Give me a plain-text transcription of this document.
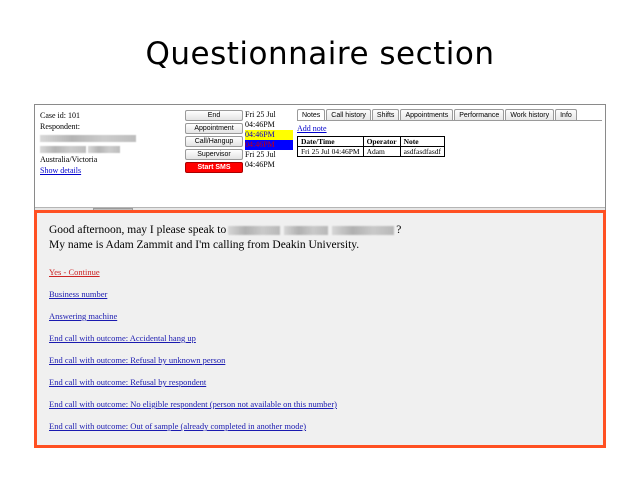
Questionnaire section
Case id: 101
Respondent:

Australia/Victoria
Show details
End
Appointment
Call/Hangup
Supervisor
Start SMS
Fri 25 Jul
04:46PM
04:46PM
04:46PM
Fri 25 Jul
04:46PM
Notes	Call history	Shifts	Appointments	Performance	Work history	Info
Add note
Date/Time	Operator	Note
Fri 25 Jul 04:46PM	Adam	asdfasdfasdf
Good afternoon, may I please speak to	?
My name is Adam Zammit and I'm calling from Deakin University.
Yes - Continue
Business number
Answering machine
End call with outcome: Accidental hang up
End call with outcome: Refusal by unknown person
End call with outcome: Refusal by respondent
End call with outcome: No eligible respondent (person not available on this number)
End call with outcome: Out of sample (already completed in another mode)
